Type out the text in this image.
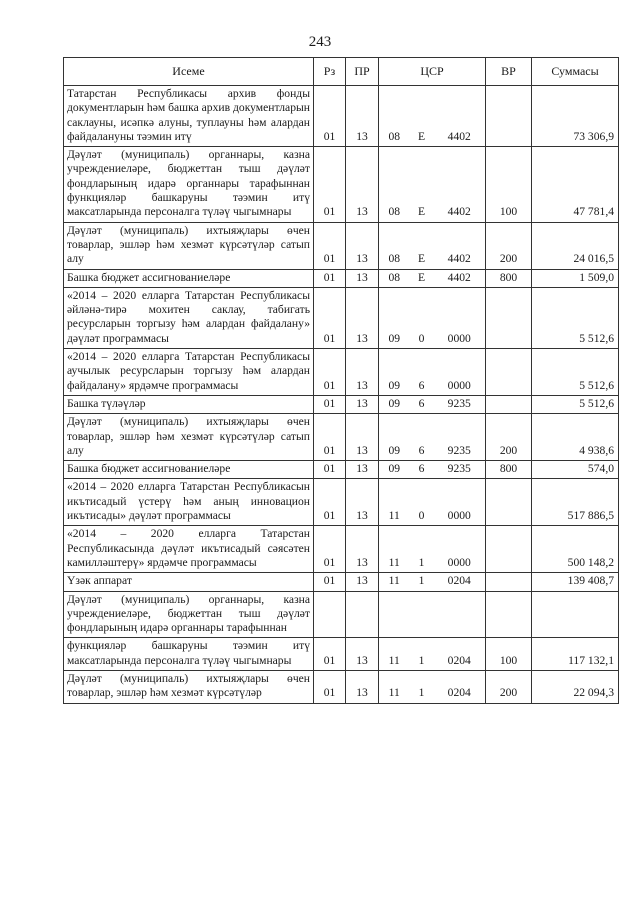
243
Исеме	Рз	ПР	ЦСР			ВР	Суммасы
Татарстан Республикасы архив фонды документларын һәм башка архив документларын саклауны, исәпкә алуны, туплауны һәм алардан файдалануны тәэмин итү	01	13	08	Е	4402		73 306,9
Дәүләт (муниципаль) органнары, казна учреждениеләре, бюджеттан тыш дәүләт фондларының идарә органнары тарафыннан функцияләр башкаруны тәэмин итү максатларында персоналга түләү чыгымнары	01	13	08	Е	4402	100	47 781,4
Дәүләт (муниципаль) ихтыяҗлары өчен товарлар, эшләр һәм хезмәт күрсәтүләр сатып алу	01	13	08	Е	4402	200	24 016,5
Башка бюджет ассигнованиеләре	01	13	08	Е	4402	800	1 509,0
«2014 – 2020 елларга Татарстан Республикасы әйләнә-тирә мохитен саклау, табигать ресурсларын торгызу һәм алардан файдалану» дәүләт программасы	01	13	09	0	0000		5 512,6
«2014 – 2020 елларга Татарстан Республикасы аучылык ресурсларын торгызу һәм алардан файдалану» ярдәмче программасы	01	13	09	6	0000		5 512,6
Башка түләүләр	01	13	09	6	9235		5 512,6
Дәүләт (муниципаль) ихтыяҗлары өчен товарлар, эшләр һәм хезмәт күрсәтүләр сатып алу	01	13	09	6	9235	200	4 938,6
Башка бюджет ассигнованиеләре	01	13	09	6	9235	800	574,0
«2014 – 2020 елларга Татарстан Республикасын икътисадый үстерү һәм аның инновацион икътисады» дәүләт программасы	01	13	11	0	0000		517 886,5
«2014 – 2020 елларга Татарстан Республикасында дәүләт икътисадый сәясәтен камилләштерү» ярдәмче программасы	01	13	11	1	0000		500 148,2
Үзәк аппарат	01	13	11	1	0204		139 408,7
Дәүләт (муниципаль) органнары, казна учреждениеләре, бюджеттан тыш дәүләт фондларының идарә органнары тарафыннан							
функцияләр башкаруны тәэмин итү максатларында персоналга түләү чыгымнары	01	13	11	1	0204	100	117 132,1
Дәүләт (муниципаль) ихтыяҗлары өчен товарлар, эшләр һәм хезмәт күрсәтүләр	01	13	11	1	0204	200	22 094,3
